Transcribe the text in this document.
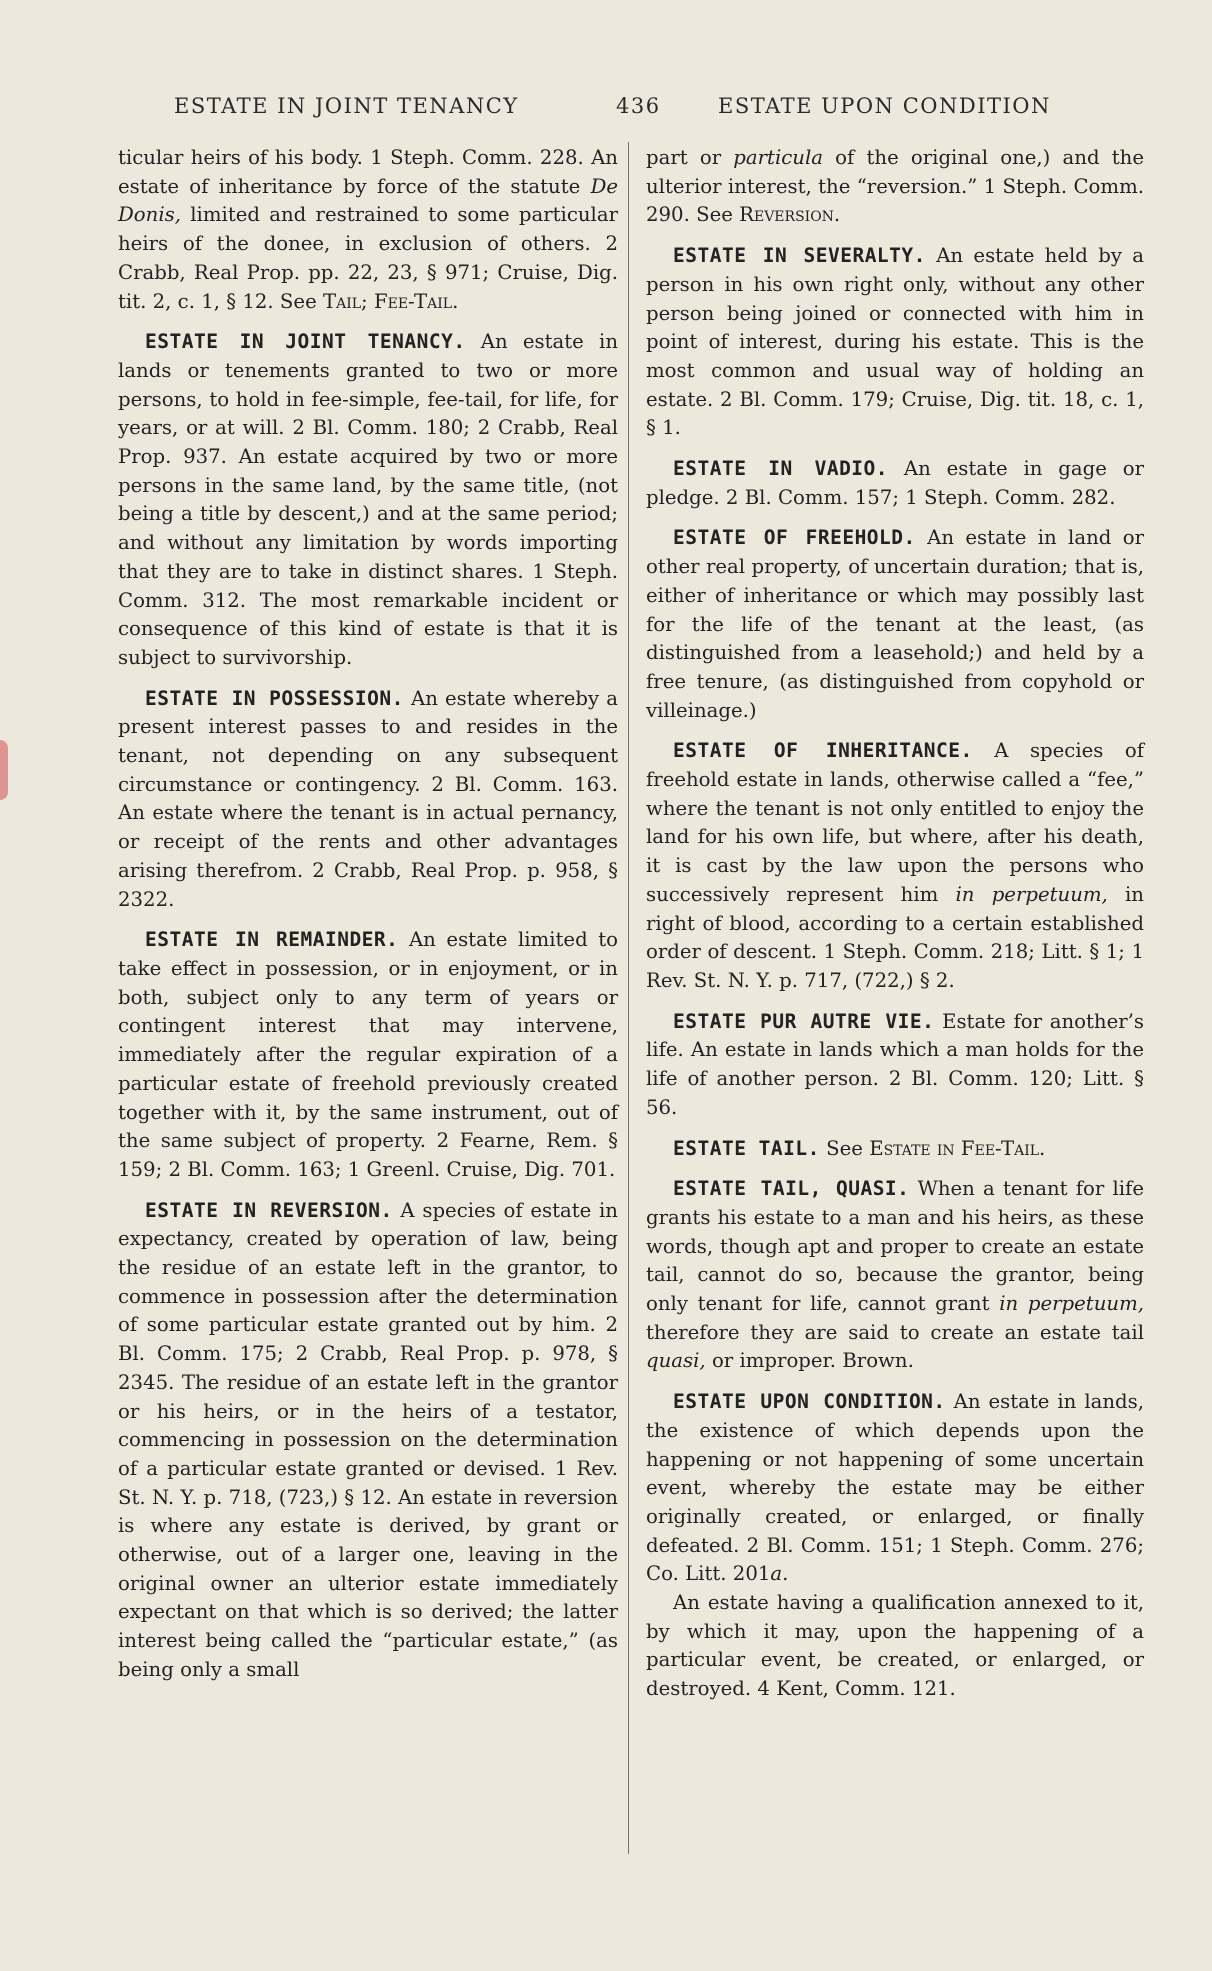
ESTATE IN JOINT TENANCY	436	ESTATE UPON CONDITION

ticular heirs of his body. 1 Steph. Comm. 228. An estate of inheritance by force of the statute De Donis, limited and restrained to some particular heirs of the donee, in exclusion of others. 2 Crabb, Real Prop. pp. 22, 23, § 971; Cruise, Dig. tit. 2, c. 1, § 12. See Tail; Fee-Tail.

ESTATE IN JOINT TENANCY. An estate in lands or tenements granted to two or more persons, to hold in fee-simple, fee-tail, for life, for years, or at will. 2 Bl. Comm. 180; 2 Crabb, Real Prop. 937. An estate acquired by two or more persons in the same land, by the same title, (not being a title by descent,) and at the same period; and without any limitation by words importing that they are to take in distinct shares. 1 Steph. Comm. 312. The most remarkable incident or consequence of this kind of estate is that it is subject to survivorship.

ESTATE IN POSSESSION. An estate whereby a present interest passes to and resides in the tenant, not depending on any subsequent circumstance or contingency. 2 Bl. Comm. 163. An estate where the tenant is in actual pernancy, or receipt of the rents and other advantages arising therefrom. 2 Crabb, Real Prop. p. 958, § 2322.

ESTATE IN REMAINDER. An estate limited to take effect in possession, or in enjoyment, or in both, subject only to any term of years or contingent interest that may intervene, immediately after the regular expiration of a particular estate of freehold previously created together with it, by the same instrument, out of the same subject of property. 2 Fearne, Rem. § 159; 2 Bl. Comm. 163; 1 Greenl. Cruise, Dig. 701.

ESTATE IN REVERSION. A species of estate in expectancy, created by operation of law, being the residue of an estate left in the grantor, to commence in possession after the determination of some particular estate granted out by him. 2 Bl. Comm. 175; 2 Crabb, Real Prop. p. 978, § 2345. The residue of an estate left in the grantor or his heirs, or in the heirs of a testator, commencing in possession on the determination of a particular estate granted or devised. 1 Rev. St. N. Y. p. 718, (723,) § 12. An estate in reversion is where any estate is derived, by grant or otherwise, out of a larger one, leaving in the original owner an ulterior estate immediately expectant on that which is so derived; the latter interest being called the “particular estate,” (as being only a small

part or particula of the original one,) and the ulterior interest, the “reversion.” 1 Steph. Comm. 290. See Reversion.

ESTATE IN SEVERALTY. An estate held by a person in his own right only, without any other person being joined or connected with him in point of interest, during his estate. This is the most common and usual way of holding an estate. 2 Bl. Comm. 179; Cruise, Dig. tit. 18, c. 1, § 1.

ESTATE IN VADIO. An estate in gage or pledge. 2 Bl. Comm. 157; 1 Steph. Comm. 282.

ESTATE OF FREEHOLD. An estate in land or other real property, of uncertain duration; that is, either of inheritance or which may possibly last for the life of the tenant at the least, (as distinguished from a leasehold;) and held by a free tenure, (as distinguished from copyhold or villeinage.)

ESTATE OF INHERITANCE. A species of freehold estate in lands, otherwise called a “fee,” where the tenant is not only entitled to enjoy the land for his own life, but where, after his death, it is cast by the law upon the persons who successively represent him in perpetuum, in right of blood, according to a certain established order of descent. 1 Steph. Comm. 218; Litt. § 1; 1 Rev. St. N. Y. p. 717, (722,) § 2.

ESTATE PUR AUTRE VIE. Estate for another’s life. An estate in lands which a man holds for the life of another person. 2 Bl. Comm. 120; Litt. § 56.

ESTATE TAIL. See Estate in Fee-Tail.

ESTATE TAIL, QUASI. When a tenant for life grants his estate to a man and his heirs, as these words, though apt and proper to create an estate tail, cannot do so, because the grantor, being only tenant for life, cannot grant in perpetuum, therefore they are said to create an estate tail quasi, or improper. Brown.

ESTATE UPON CONDITION. An estate in lands, the existence of which depends upon the happening or not happening of some uncertain event, whereby the estate may be either originally created, or enlarged, or finally defeated. 2 Bl. Comm. 151; 1 Steph. Comm. 276; Co. Litt. 201a.

An estate having a qualification annexed to it, by which it may, upon the happening of a particular event, be created, or enlarged, or destroyed. 4 Kent, Comm. 121.
